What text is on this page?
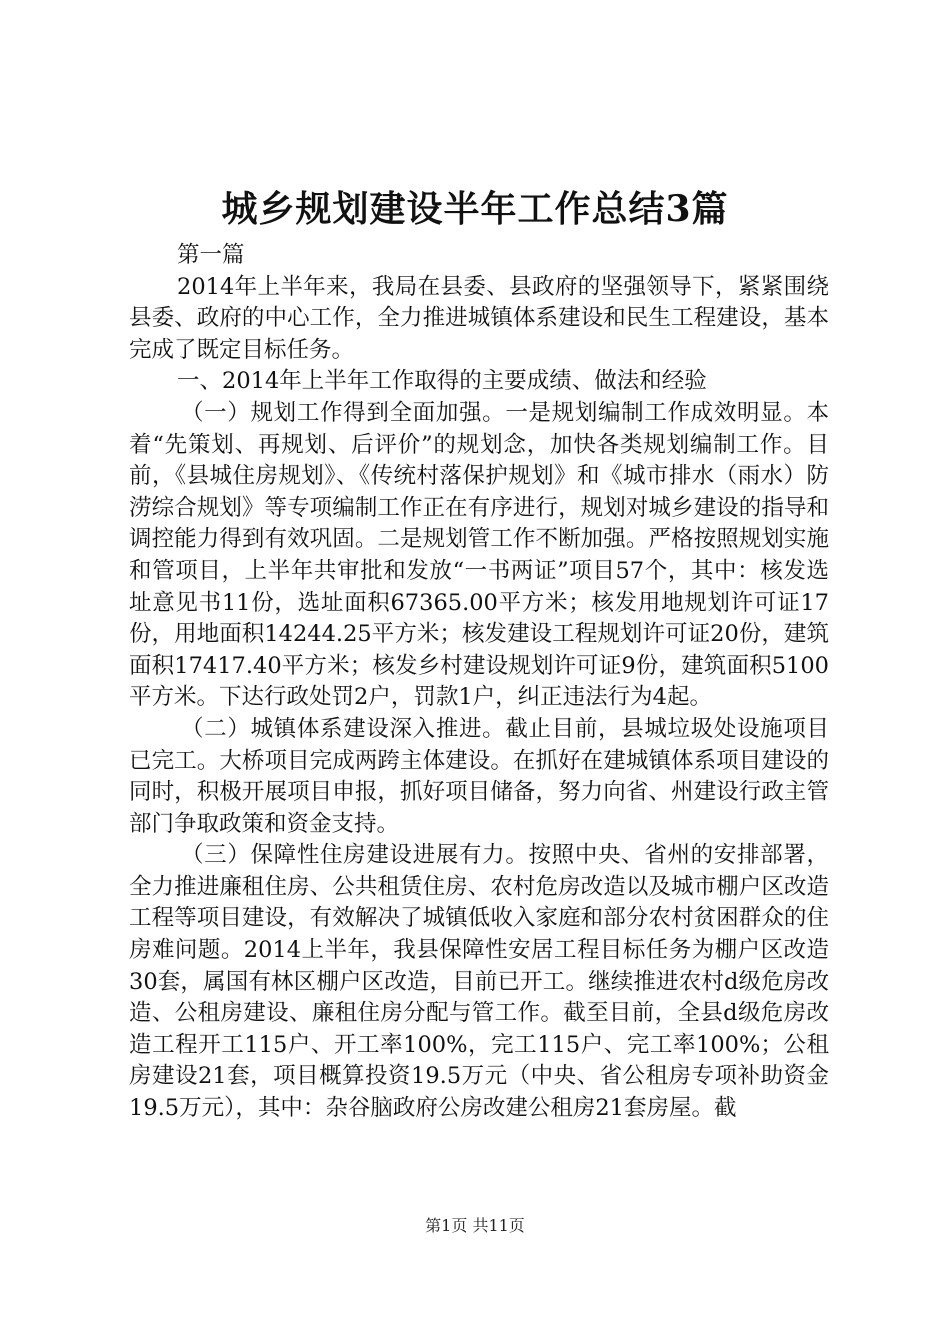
城乡规划建设半年工作总结3篇

第一篇

2014年上半年来，我局在县委、县政府的坚强领导下，紧紧围绕县委、政府的中心工作，全力推进城镇体系建设和民生工程建设，基本完成了既定目标任务。

一、2014年上半年工作取得的主要成绩、做法和经验

（一）规划工作得到全面加强。一是规划编制工作成效明显。本着“先策划、再规划、后评价”的规划念，加快各类规划编制工作。目前，《县城住房规划》、《传统村落保护规划》和《城市排水（雨水）防涝综合规划》等专项编制工作正在有序进行，规划对城乡建设的指导和调控能力得到有效巩固。二是规划管工作不断加强。严格按照规划实施和管项目，上半年共审批和发放“一书两证”项目57个，其中：核发选址意见书11份，选址面积67365.00平方米；核发用地规划许可证17份，用地面积14244.25平方米；核发建设工程规划许可证20份，建筑面积17417.40平方米；核发乡村建设规划许可证9份，建筑面积5100平方米。下达行政处罚2户，罚款1户，纠正违法行为4起。

（二）城镇体系建设深入推进。截止目前，县城垃圾处设施项目已完工。大桥项目完成两跨主体建设。在抓好在建城镇体系项目建设的同时，积极开展项目申报，抓好项目储备，努力向省、州建设行政主管部门争取政策和资金支持。

（三）保障性住房建设进展有力。按照中央、省州的安排部署，全力推进廉租住房、公共租赁住房、农村危房改造以及城市棚户区改造工程等项目建设，有效解决了城镇低收入家庭和部分农村贫困群众的住房难问题。2014上半年，我县保障性安居工程目标任务为棚户区改造30套，属国有林区棚户区改造，目前已开工。继续推进农村d级危房改造、公租房建设、廉租住房分配与管工作。截至目前，全县d级危房改造工程开工115户、开工率100%，完工115户、完工率100%；公租房建设21套，项目概算投资19.5万元（中央、省公租房专项补助资金19.5万元），其中：杂谷脑政府公房改建公租房21套房屋。截

第1页 共11页
